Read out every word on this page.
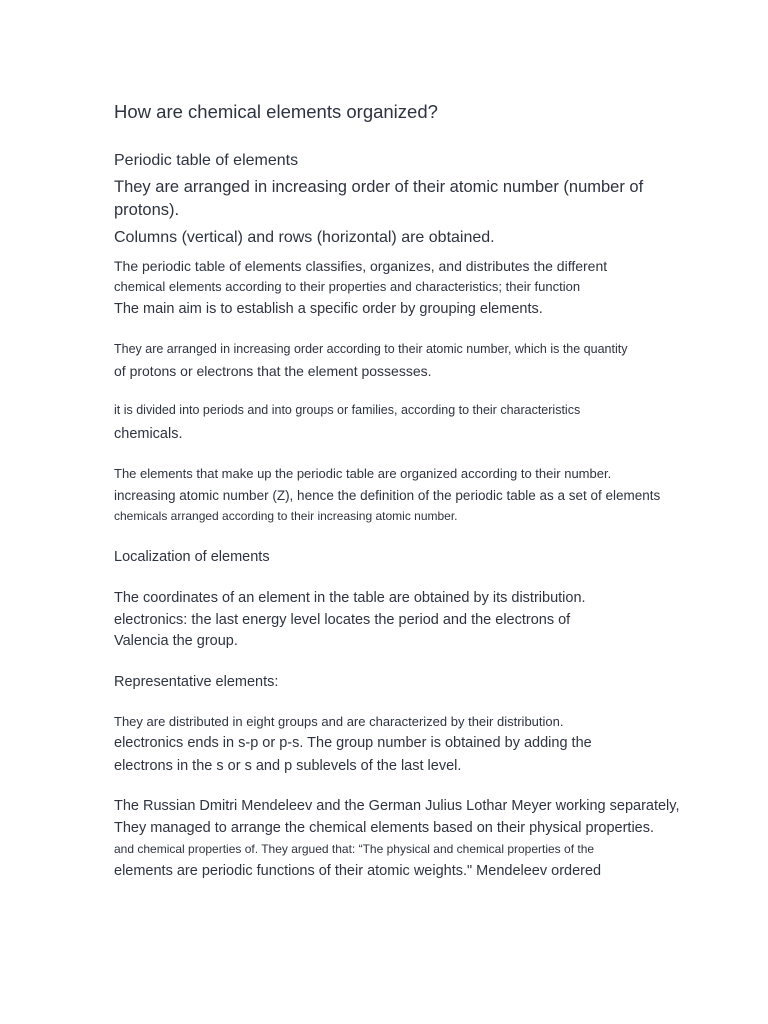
How are chemical elements organized?
Periodic table of elements
They are arranged in increasing order of their atomic number (number of
protons).
Columns (vertical) and rows (horizontal) are obtained.
The periodic table of elements classifies, organizes, and distributes the different
chemical elements according to their properties and characteristics; their function
The main aim is to establish a specific order by grouping elements.
They are arranged in increasing order according to their atomic number, which is the quantity
of protons or electrons that the element possesses.
it is divided into periods and into groups or families, according to their characteristics
chemicals.
The elements that make up the periodic table are organized according to their number.
increasing atomic number (Z), hence the definition of the periodic table as a set of elements
chemicals arranged according to their increasing atomic number.
Localization of elements
The coordinates of an element in the table are obtained by its distribution.
electronics: the last energy level locates the period and the electrons of
Valencia the group.
Representative elements:
They are distributed in eight groups and are characterized by their distribution.
electronics ends in s-p or p-s. The group number is obtained by adding the
electrons in the s or s and p sublevels of the last level.
The Russian Dmitri Mendeleev and the German Julius Lothar Meyer working separately,
They managed to arrange the chemical elements based on their physical properties.
and chemical properties of. They argued that: “The physical and chemical properties of the
elements are periodic functions of their atomic weights." Mendeleev ordered
